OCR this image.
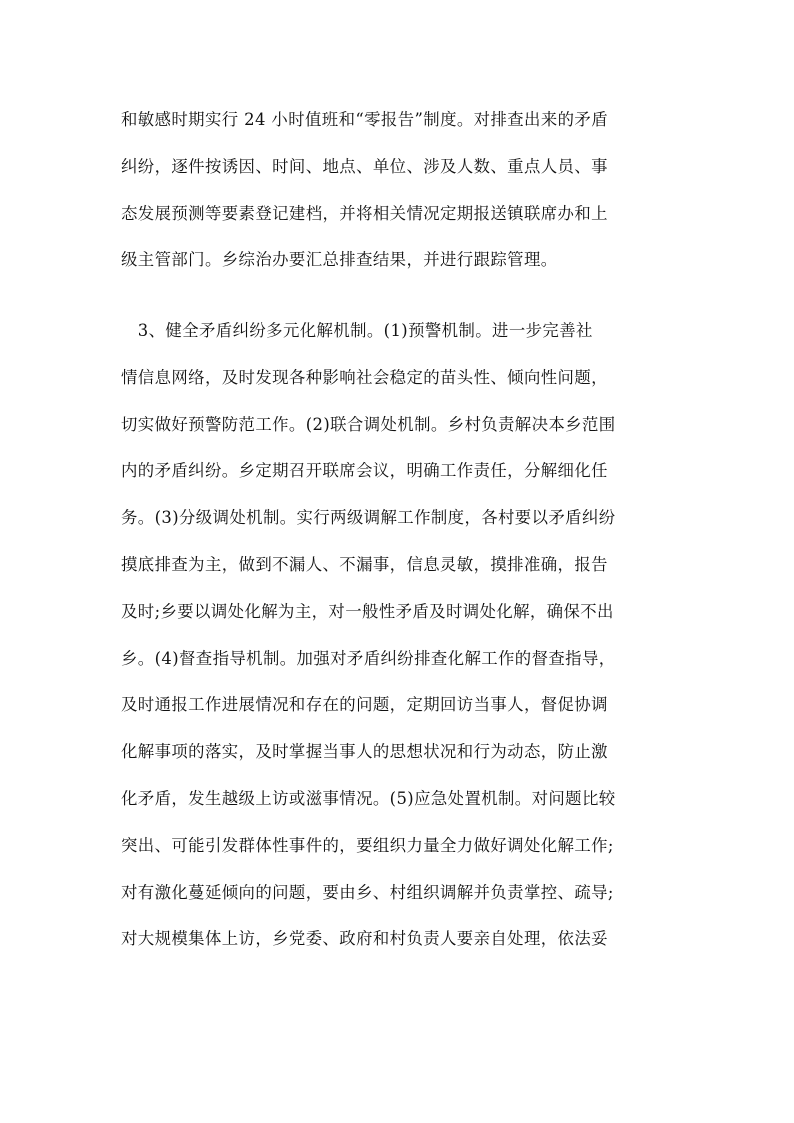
和敏感时期实行 24 小时值班和“零报告”制度。对排查出来的矛盾
纠纷，逐件按诱因、时间、地点、单位、涉及人数、重点人员、事
态发展预测等要素登记建档，并将相关情况定期报送镇联席办和上
级主管部门。乡综治办要汇总排查结果，并进行跟踪管理。
　3、健全矛盾纠纷多元化解机制。(1)预警机制。进一步完善社
情信息网络，及时发现各种影响社会稳定的苗头性、倾向性问题，
切实做好预警防范工作。(2)联合调处机制。乡村负责解决本乡范围
内的矛盾纠纷。乡定期召开联席会议，明确工作责任，分解细化任
务。(3)分级调处机制。实行两级调解工作制度，各村要以矛盾纠纷
摸底排查为主，做到不漏人、不漏事，信息灵敏，摸排准确，报告
及时;乡要以调处化解为主，对一般性矛盾及时调处化解，确保不出
乡。(4)督查指导机制。加强对矛盾纠纷排查化解工作的督查指导，
及时通报工作进展情况和存在的问题，定期回访当事人，督促协调
化解事项的落实，及时掌握当事人的思想状况和行为动态，防止激
化矛盾，发生越级上访或滋事情况。(5)应急处置机制。对问题比较
突出、可能引发群体性事件的，要组织力量全力做好调处化解工作;
对有激化蔓延倾向的问题，要由乡、村组织调解并负责掌控、疏导;
对大规模集体上访，乡党委、政府和村负责人要亲自处理，依法妥
